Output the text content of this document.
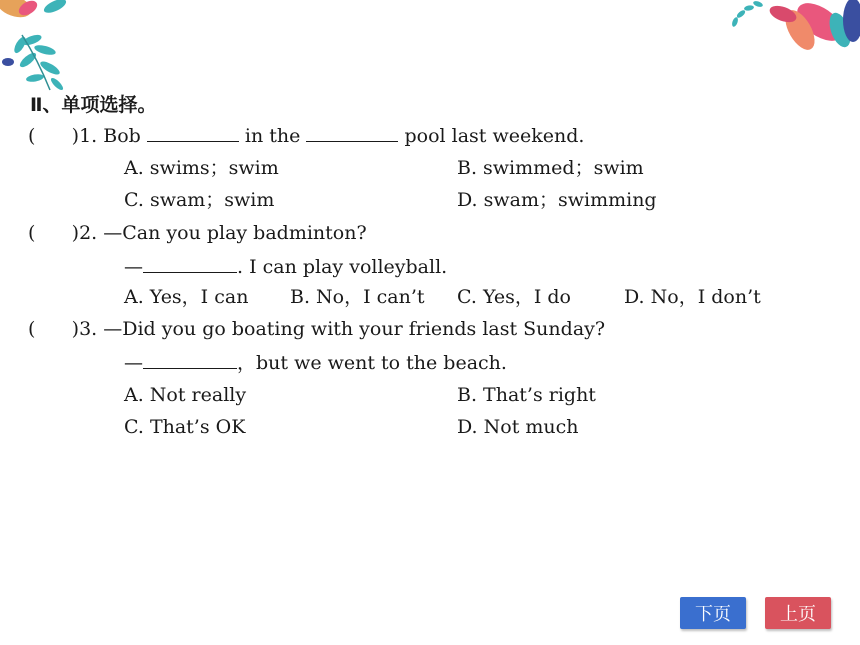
Ⅱ、单项选择。
(      )1. Bob	in the	pool last weekend.
A. swims；swim	B. swimmed；swim
C. swam；swim	D. swam；swimming
(      )2. —Can you play badminton?
—	. I can play volleyball.
A. Yes，I can B. No，I can’t C. Yes，I do	D. No，I don’t
(      )3. —Did you go boating with your friends last Sunday?
—	，but we went to the beach.
A. Not really	B. That’s right
C. That’s OK	D. Not much
下页	上页
